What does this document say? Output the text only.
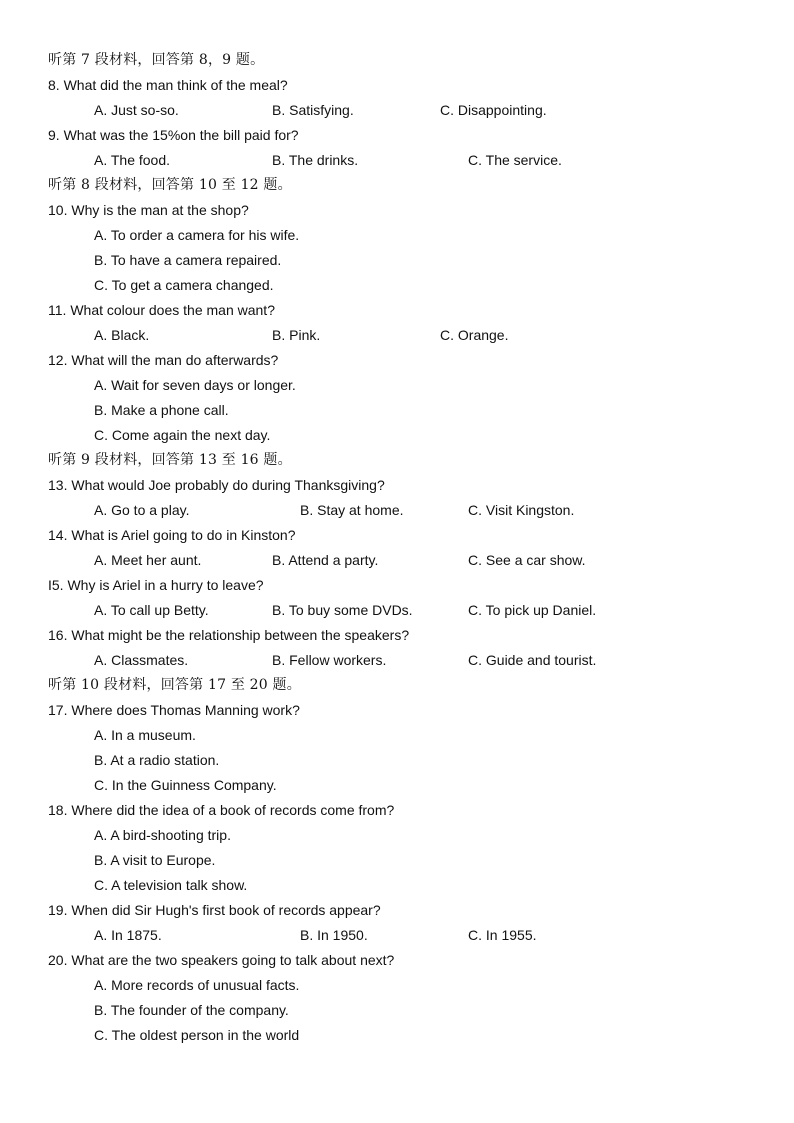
听第 7 段材料，回答第 8，9 题。
8. What did the man think of the meal?
A. Just so-so.	B. Satisfying.	C. Disappointing.
9. What was the 15%on the bill paid for?
A. The food.	B. The drinks.	C. The service.
听第 8 段材料，回答第 10 至 12 题。
10. Why is the man at the shop?
A. To order a camera for his wife.
B. To have a camera repaired.
C. To get a camera changed.
11. What colour does the man want?
A. Black.	B. Pink.	C. Orange.
12. What will the man do afterwards?
A. Wait for seven days or longer.
B. Make a phone call.
C. Come again the next day.
听第 9 段材料，回答第 13 至 16 题。
13. What would Joe probably do during Thanksgiving?
A. Go to a play.	B. Stay at home.	C. Visit Kingston.
14. What is Ariel going to do in Kinston?
A. Meet her aunt.	B. Attend a party.	C. See a car show.
I5. Why is Ariel in a hurry to leave?
A. To call up Betty.	B. To buy some DVDs.	C. To pick up Daniel.
16. What might be the relationship between the speakers?
A. Classmates.	B. Fellow workers.	C. Guide and tourist.
听第 10 段材料，回答第 17 至 20 题。
17. Where does Thomas Manning work?
A. In a museum.
B. At a radio station.
C. In the Guinness Company.
18. Where did the idea of a book of records come from?
A. A bird-shooting trip.
B. A visit to Europe.
C. A television talk show.
19. When did Sir Hugh's first book of records appear?
A. In 1875.	B. In 1950.	C. In 1955.
20. What are the two speakers going to talk about next?
A. More records of unusual facts.
B. The founder of the company.
C. The oldest person in the world
